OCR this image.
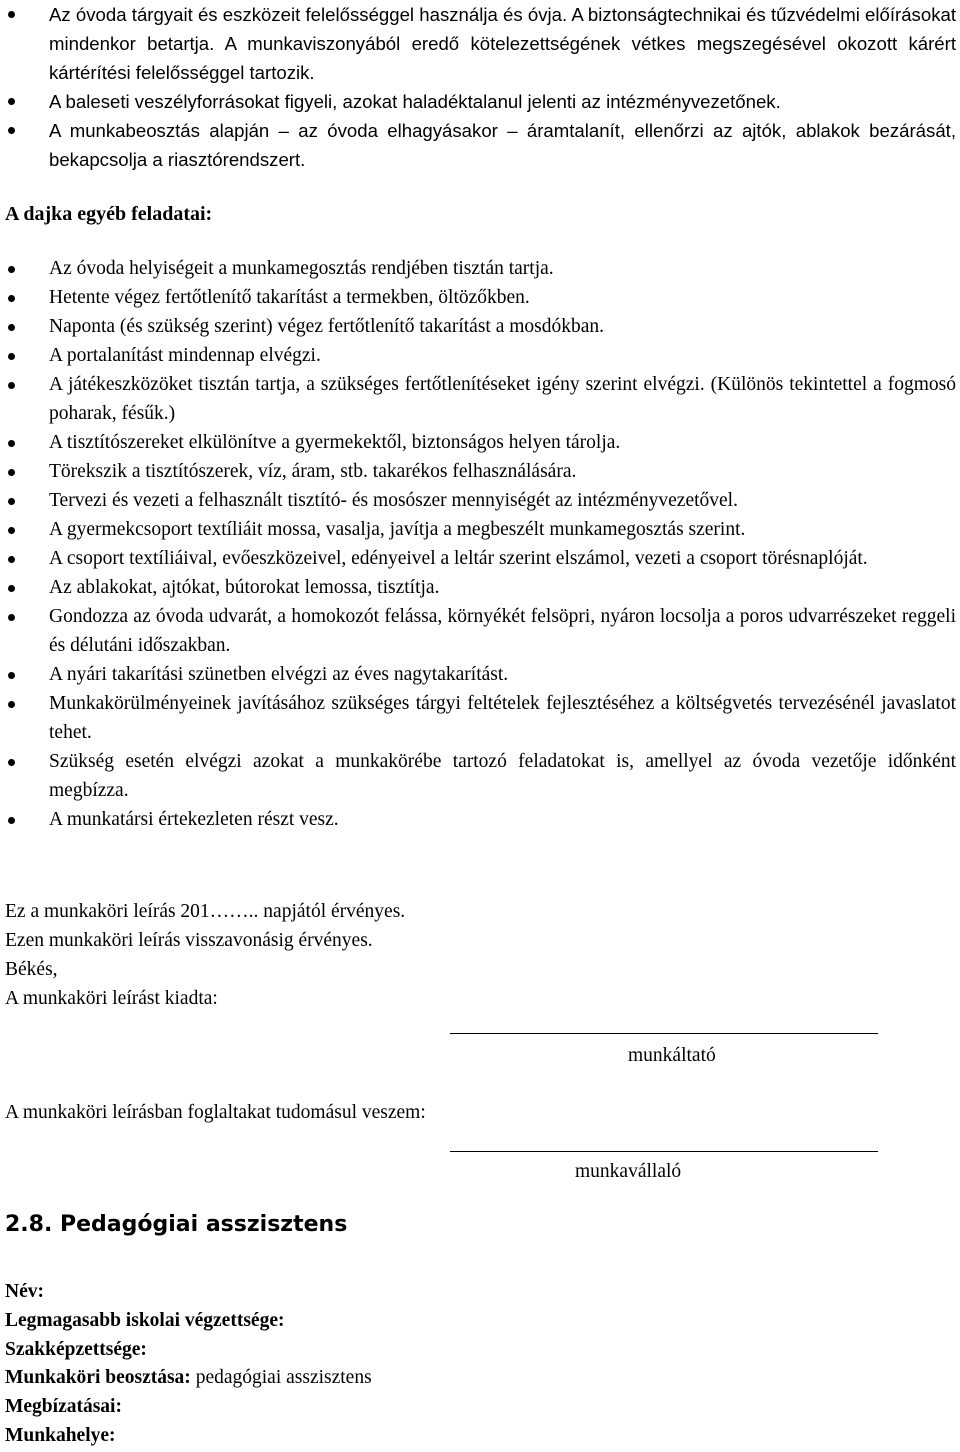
Az óvoda tárgyait és eszközeit felelősséggel használja és óvja. A biztonságtechnikai és tűzvédelmi előírásokat mindenkor betartja. A munkaviszonyából eredő kötelezettségének vétkes megszegésével okozott kárért kártérítési felelősséggel tartozik.
A baleseti veszélyforrásokat figyeli, azokat haladéktalanul jelenti az intézményvezetőnek.
A munkabeosztás alapján – az óvoda elhagyásakor – áramtalanít, ellenőrzi az ajtók, ablakok bezárását, bekapcsolja a riasztórendszert.
A dajka egyéb feladatai:
Az óvoda helyiségeit a munkamegosztás rendjében tisztán tartja.
Hetente végez fertőtlenítő takarítást a termekben, öltözőkben.
Naponta (és szükség szerint) végez fertőtlenítő takarítást a mosdókban.
A portalanítást mindennap elvégzi.
A játékeszközöket tisztán tartja, a szükséges fertőtlenítéseket igény szerint elvégzi. (Különös tekintettel a fogmosó poharak, fésűk.)
A tisztítószereket elkülönítve a gyermekektől, biztonságos helyen tárolja.
Törekszik a tisztítószerek, víz, áram, stb. takarékos felhasználására.
Tervezi és vezeti a felhasznált tisztító- és mosószer mennyiségét az intézményvezetővel.
A gyermekcsoport textíliáit mossa, vasalja, javítja a megbeszélt munkamegosztás szerint.
A csoport textíliáival, evőeszközeivel, edényeivel a leltár szerint elszámol, vezeti a csoport törésnaplóját.
Az ablakokat, ajtókat, bútorokat lemossa, tisztítja.
Gondozza az óvoda udvarát, a homokozót felássa, környékét felsöpri, nyáron locsolja a poros udvarrészeket reggeli és délutáni időszakban.
A nyári takarítási szünetben elvégzi az éves nagytakarítást.
Munkakörülményeinek javításához szükséges tárgyi feltételek fejlesztéséhez a költségvetés tervezésénél javaslatot tehet.
Szükség esetén elvégzi azokat a munkakörébe tartozó feladatokat is, amellyel az óvoda vezetője időnként megbízza.
A munkatársi értekezleten részt vesz.

Ez a munkaköri leírás 201…….. napjától érvényes.

Ezen munkaköri leírás visszavonásig érvényes.

Békés,

A munkaköri leírást kiadta:

munkáltató

A munkaköri leírásban foglaltakat tudomásul veszem:

munkavállaló
2.8. Pedagógiai asszisztens
Név:
Legmagasabb iskolai végzettsége:
Szakképzettsége:
Munkaköri beosztása: pedagógiai asszisztens
Megbízatásai:
Munkahelye:
